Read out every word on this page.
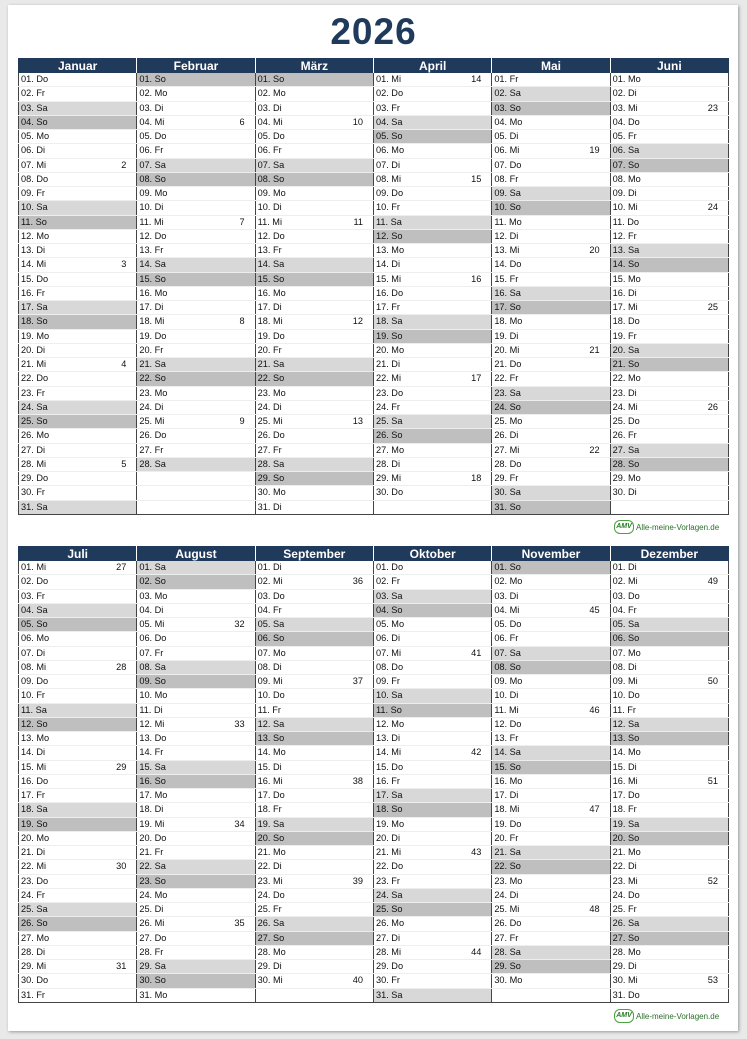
2026
Januar	Februar	März	April	Mai	Juni
01. Do	01. So	01. So	01. Mi 14	01. Fr	01. Mo
02. Fr	02. Mo	02. Mo	02. Do	02. Sa	02. Di
03. Sa	03. Di	03. Di	03. Fr	03. So	03. Mi 23

04. So	04. Mi 6	04. Mi 10	04. Sa	04. Mo	04. Do
05. Mo	05. Do	05. Do	05. So	05. Di	05. Fr
06. Di	06. Fr	06. Fr	06. Mo	06. Mi 19	06. Sa
07. Mi 2	07. Sa	07. Sa	07. Di	07. Do	07. So
08. Do	08. So	08. So	08. Mi 15	08. Fr	08. Mo
09. Fr	09. Mo	09. Mo	09. Do	09. Sa	09. Di
10. Sa	10. Di	10. Di	10. Fr	10. So	10. Mi 24

11. So	11. Mi 7	11. Mi 11	11. Sa	11. Mo	11. Do
12. Mo	12. Do	12. Do	12. So	12. Di	12. Fr
13. Di	13. Fr	13. Fr	13. Mo	13. Mi 20	13. Sa
14. Mi 3	14. Sa	14. Sa	14. Di	14. Do	14. So
15. Do	15. So	15. So	15. Mi 16	15. Fr	15. Mo
16. Fr	16. Mo	16. Mo	16. Do	16. Sa	16. Di
17. Sa	17. Di	17. Di	17. Fr	17. So	17. Mi 25

18. So	18. Mi 8	18. Mi 12	18. Sa	18. Mo	18. Do
19. Mo	19. Do	19. Do	19. So	19. Di	19. Fr
20. Di	20. Fr	20. Fr	20. Mo	20. Mi 21	20. Sa
21. Mi 4	21. Sa	21. Sa	21. Di	21. Do	21. So
22. Do	22. So	22. So	22. Mi 17	22. Fr	22. Mo
23. Fr	23. Mo	23. Mo	23. Do	23. Sa	23. Di
24. Sa	24. Di	24. Di	24. Fr	24. So	24. Mi 26

25. So	25. Mi 9	25. Mi 13	25. Sa	25. Mo	25. Do
26. Mo	26. Do	26. Do	26. So	26. Di	26. Fr
27. Di	27. Fr	27. Fr	27. Mo	27. Mi 22	27. Sa
28. Mi 5	28. Sa	28. Sa	28. Di	28. Do	28. So
29. Do		29. So	29. Mi 18	29. Fr	29. Mo
30. Fr		30. Mo	30. Do	30. Sa	30. Di
31. Sa		31. Di		31. So	
AMV Alle-meine-Vorlagen.de
Juli	August	September	Oktober	November	Dezember
01. Mi 27	01. Sa	01. Di	01. Do	01. So	01. Di
02. Do	02. So	02. Mi 36	02. Fr	02. Mo	02. Mi 49

03. Fr	03. Mo	03. Do	03. Sa	03. Di	03. Do
04. Sa	04. Di	04. Fr	04. So	04. Mi 45	04. Fr
05. So	05. Mi 32	05. Sa	05. Mo	05. Do	05. Sa
06. Mo	06. Do	06. So	06. Di	06. Fr	06. So
07. Di	07. Fr	07. Mo	07. Mi 41	07. Sa	07. Mo
08. Mi 28	08. Sa	08. Di	08. Do	08. So	08. Di
09. Do	09. So	09. Mi 37	09. Fr	09. Mo	09. Mi 50

10. Fr	10. Mo	10. Do	10. Sa	10. Di	10. Do
11. Sa	11. Di	11. Fr	11. So	11. Mi 46	11. Fr
12. So	12. Mi 33	12. Sa	12. Mo	12. Do	12. Sa
13. Mo	13. Do	13. So	13. Di	13. Fr	13. So
14. Di	14. Fr	14. Mo	14. Mi 42	14. Sa	14. Mo
15. Mi 29	15. Sa	15. Di	15. Do	15. So	15. Di
16. Do	16. So	16. Mi 38	16. Fr	16. Mo	16. Mi 51

17. Fr	17. Mo	17. Do	17. Sa	17. Di	17. Do
18. Sa	18. Di	18. Fr	18. So	18. Mi 47	18. Fr
19. So	19. Mi 34	19. Sa	19. Mo	19. Do	19. Sa
20. Mo	20. Do	20. So	20. Di	20. Fr	20. So
21. Di	21. Fr	21. Mo	21. Mi 43	21. Sa	21. Mo
22. Mi 30	22. Sa	22. Di	22. Do	22. So	22. Di
23. Do	23. So	23. Mi 39	23. Fr	23. Mo	23. Mi 52

24. Fr	24. Mo	24. Do	24. Sa	24. Di	24. Do
25. Sa	25. Di	25. Fr	25. So	25. Mi 48	25. Fr
26. So	26. Mi 35	26. Sa	26. Mo	26. Do	26. Sa
27. Mo	27. Do	27. So	27. Di	27. Fr	27. So
28. Di	28. Fr	28. Mo	28. Mi 44	28. Sa	28. Mo
29. Mi 31	29. Sa	29. Di	29. Do	29. So	29. Di
30. Do	30. So	30. Mi 40	30. Fr	30. Mo	30. Mi 53

31. Fr	31. Mo		31. Sa		31. Do
AMV Alle-meine-Vorlagen.de
